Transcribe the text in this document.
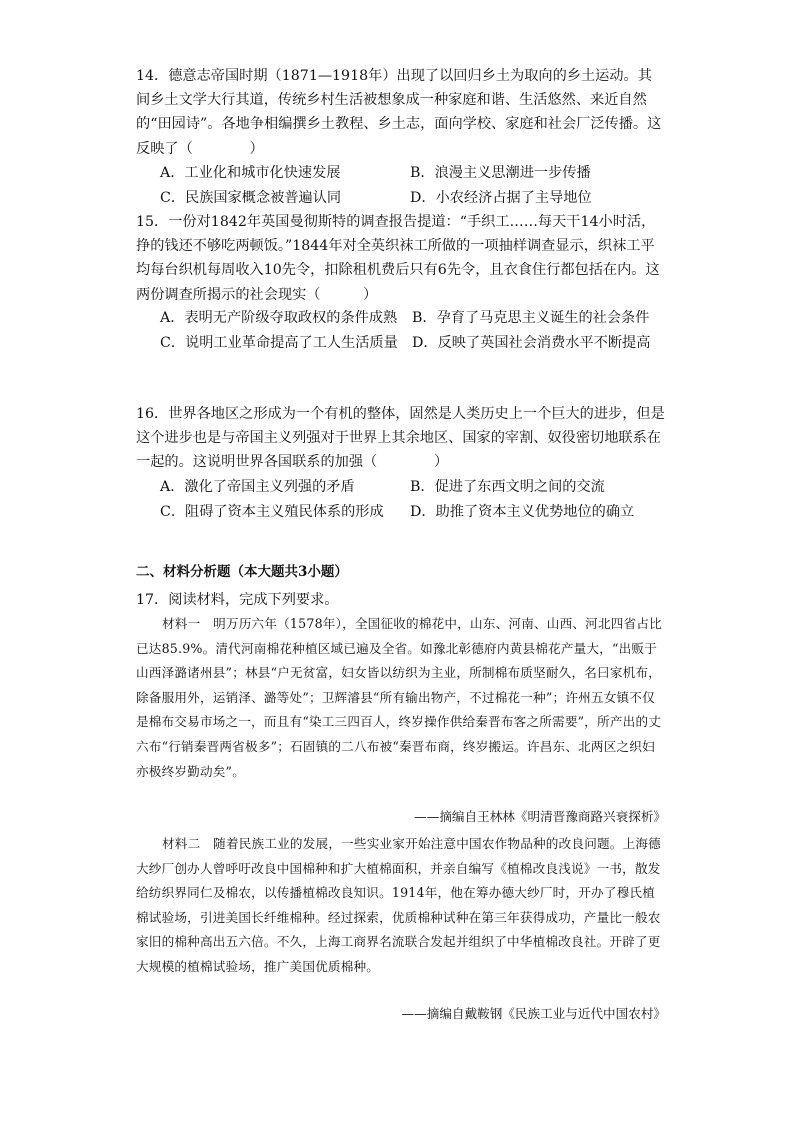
14．德意志帝国时期（1871—1918年）出现了以回归乡土为取向的乡土运动。其间乡土文学大行其道，传统乡村生活被想象成一种家庭和谐、生活悠然、来近自然的“田园诗”。各地争相编撰乡土教程、乡土志，面向学校、家庭和社会厂泛传播。这反映了（　　　　）
A．工业化和城市化快速发展	B．浪漫主义思潮进一步传播
C．民族国家概念被普遍认同	D．小农经济占据了主导地位
15．一份对1842年英国曼彻斯特的调查报告提道：“手织工……每天干14小时活，挣的钱还不够吃两顿饭。”1844年对全英织袜工所做的一项抽样调查显示，织袜工平均每台织机每周收入10先令，扣除租机费后只有6先令，且衣食住行都包括在内。这两份调查所揭示的社会现实（　　　）
A．表明无产阶级夺取政权的条件成熟	B．孕育了马克思主义诞生的社会条件
C．说明工业革命提高了工人生活质量 D．反映了英国社会消费水平不断提高
16．世界各地区之形成为一个有机的整体，固然是人类历史上一个巨大的进步，但是这个进步也是与帝国主义列强对于世界上其余地区、国家的宰割、奴役密切地联系在一起的。这说明世界各国联系的加强（　　　　）
A．激化了帝国主义列强的矛盾	B．促进了东西文明之间的交流
C．阻碍了资本主义殖民体系的形成	D．助推了资本主义优势地位的确立
二、材料分析题（本大题共3小题）
17．阅读材料，完成下列要求。
材料一　明万历六年（1578年），全国征收的棉花中，山东、河南、山西、河北四省占比已达85.9%。清代河南棉花种植区域已遍及全省。如豫北彰德府内黄县棉花产量大，“出贩于山西泽潞诸州县”；林县“户无贫富，妇女皆以纺织为主业，所制棉布质坚耐久，名曰家机布，除备服用外，运销泽、潞等处”；卫辉濬县“所有输出物产，不过棉花一种”；许州五女镇不仅是棉布交易市场之一，而且有“染工三四百人，终岁操作供给秦晋布客之所需要”，所产出的丈六布“行销秦晋两省极多”；石固镇的二八布被“秦晋布商，终岁搬运。许昌东、北两区之织妇亦极终岁勤动矣”。
——摘编自王林林《明清晋豫商路兴衰探析》
材料二　随着民族工业的发展，一些实业家开始注意中国农作物品种的改良问题。上海德大纱厂创办人曾呼吁改良中国棉种和扩大植棉面积，并亲自编写《植棉改良浅说》一书，散发给纺织界同仁及棉农，以传播植棉改良知识。1914年，他在筹办德大纱厂时，开办了穆氏植棉试验场，引进美国长纤维棉种。经过探索，优质棉种试种在第三年获得成功，产量比一般农家旧的棉种高出五六倍。不久，上海工商界名流联合发起并组织了中华植棉改良社。开辟了更大规模的植棉试验场，推广美国优质棉种。
——摘编自戴鞍钢《民族工业与近代中国农村》
